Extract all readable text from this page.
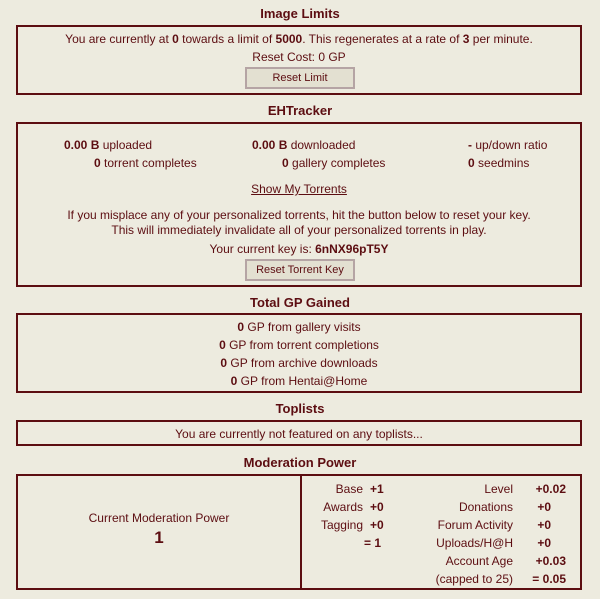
Image Limits
You are currently at 0 towards a limit of 5000. This regenerates at a rate of 3 per minute.
Reset Cost: 0 GP
Reset Limit
EHTracker
0.00 B uploaded	0.00 B downloaded	- up/down ratio
0 torrent completes	0 gallery completes	0 seedmins
Show My Torrents
If you misplace any of your personalized torrents, hit the button below to reset your key.
This will immediately invalidate all of your personalized torrents in play.
Your current key is: 6nNX96pT5Y
Reset Torrent Key
Total GP Gained
0 GP from gallery visits
0 GP from torrent completions
0 GP from archive downloads
0 GP from Hentai@Home
Toplists
You are currently not featured on any toplists...
Moderation Power
Current Moderation Power
1
Base +1
Awards +0
Tagging +0
= 1
Level	+0.02
Donations	+0
Forum Activity	+0
Uploads/H@H	+0
Account Age	+0.03
(capped to 25)	= 0.05
